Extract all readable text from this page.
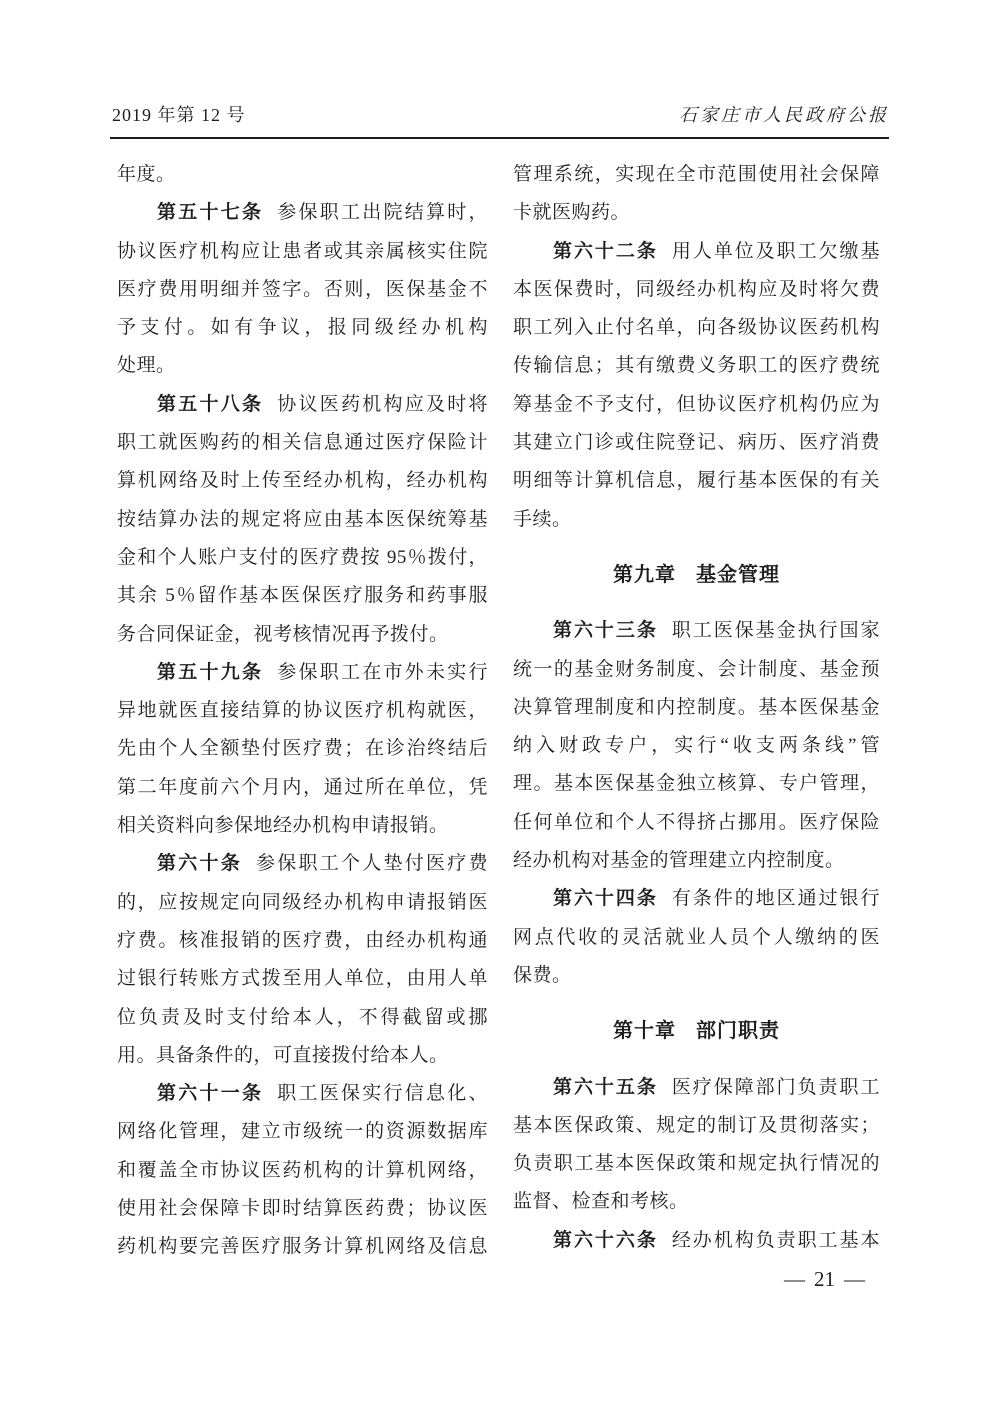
2019 年第 12 号	石家庄市人民政府公报
年度。
第五十七条 参保职工出院结算时，
协议医疗机构应让患者或其亲属核实住院
医疗费用明细并签字。否则，医保基金不
予支付。如有争议，报同级经办机构
处理。
第五十八条 协议医药机构应及时将
职工就医购药的相关信息通过医疗保险计
算机网络及时上传至经办机构，经办机构
按结算办法的规定将应由基本医保统筹基
金和个人账户支付的医疗费按 95％拨付，
其余 5％留作基本医保医疗服务和药事服
务合同保证金，视考核情况再予拨付。
第五十九条 参保职工在市外未实行
异地就医直接结算的协议医疗机构就医，
先由个人全额垫付医疗费；在诊治终结后
第二年度前六个月内，通过所在单位，凭
相关资料向参保地经办机构申请报销。
第六十条 参保职工个人垫付医疗费
的，应按规定向同级经办机构申请报销医
疗费。核准报销的医疗费，由经办机构通
过银行转账方式拨至用人单位，由用人单
位负责及时支付给本人，不得截留或挪
用。具备条件的，可直接拨付给本人。
第六十一条 职工医保实行信息化、
网络化管理，建立市级统一的资源数据库
和覆盖全市协议医药机构的计算机网络，
使用社会保障卡即时结算医药费；协议医
药机构要完善医疗服务计算机网络及信息
管理系统，实现在全市范围使用社会保障
卡就医购药。
第六十二条 用人单位及职工欠缴基
本医保费时，同级经办机构应及时将欠费
职工列入止付名单，向各级协议医药机构
传输信息；其有缴费义务职工的医疗费统
筹基金不予支付，但协议医疗机构仍应为
其建立门诊或住院登记、病历、医疗消费
明细等计算机信息，履行基本医保的有关
手续。
第九章 基金管理
第六十三条 职工医保基金执行国家
统一的基金财务制度、会计制度、基金预
决算管理制度和内控制度。基本医保基金
纳入财政专户，实行“收支两条线”管
理。基本医保基金独立核算、专户管理，
任何单位和个人不得挤占挪用。医疗保险
经办机构对基金的管理建立内控制度。
第六十四条 有条件的地区通过银行
网点代收的灵活就业人员个人缴纳的医
保费。
第十章 部门职责
第六十五条 医疗保障部门负责职工
基本医保政策、规定的制订及贯彻落实；
负责职工基本医保政策和规定执行情况的
监督、检查和考核。
第六十六条 经办机构负责职工基本
— 21 —
